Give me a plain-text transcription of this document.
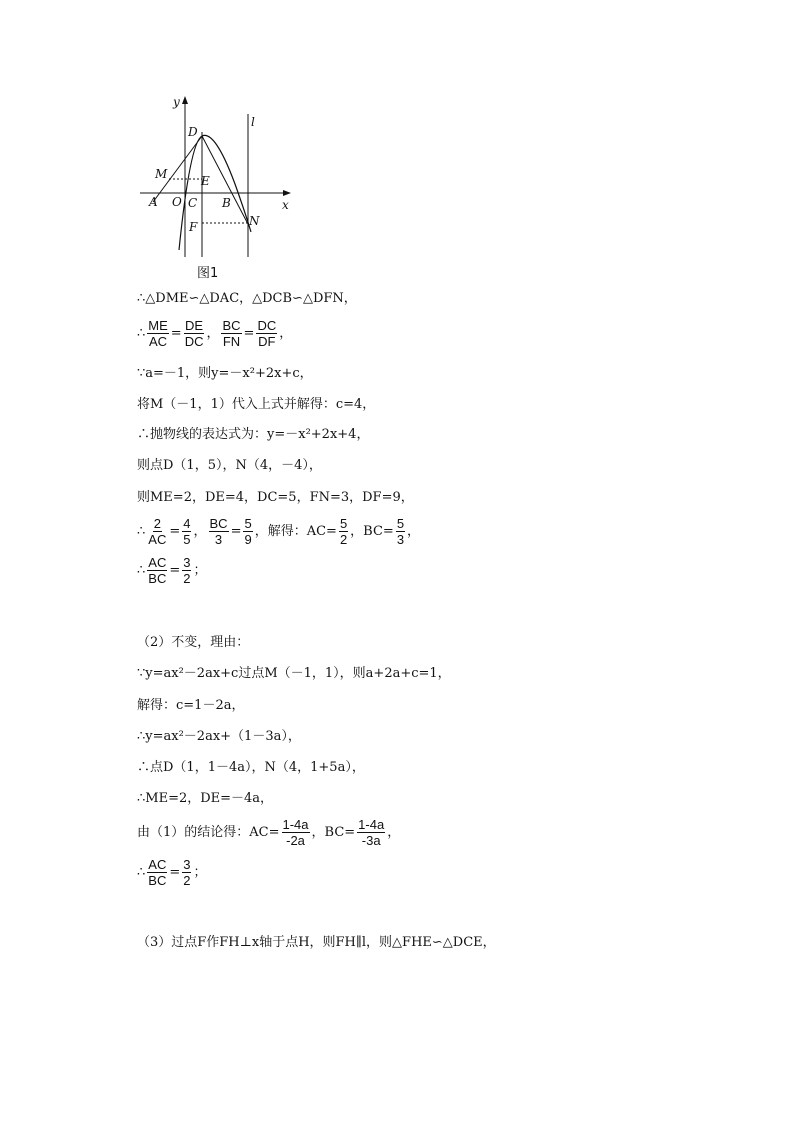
y
l
D
M	E
A O C B	x
N
F
图1
∴△DME∽△DAC，△DCB∽△DFN，
∴ $\frac{ME}{AC} = \frac{DE}{DC}$ ， $\frac{BC}{FN} = \frac{DC}{DF}$ ，
∵a=－1，则y=－x²+2x+c，
将M（－1，1）代入上式并解得：c=4，
∴抛物线的表达式为：y=－x²+2x+4，
则点D（1，5），N（4，－4），
则ME=2，DE=4，DC=5，FN=3，DF=9，
∴ $\frac{2}{AC} = \frac{4}{5}$ ， $\frac{BC}{3} = \frac{5}{9}$ ，解得：$AC= \frac{5}{2}$ ，$BC= \frac{5}{3}$ ，
∴ $\frac{AC}{BC} = \frac{3}{2}$ ；
（2）不变，理由：
∵y=ax²－2ax+c过点M（－1，1），则a+2a+c=1，
解得：c=1－2a，
∴y=ax²－2ax+（1－3a），
∴点D（1，1－4a），N（4，1+5a），
∴ME=2，DE=－4a，
由（1）的结论得：$AC= \frac{1-4a}{-2a}$ ，$BC= \frac{1-4a}{-3a}$ ，
∴ $\frac{AC}{BC} = \frac{3}{2}$ ；
（3）过点F作FH⊥x轴于点H，则FH∥l，则△FHE∽△DCE，
